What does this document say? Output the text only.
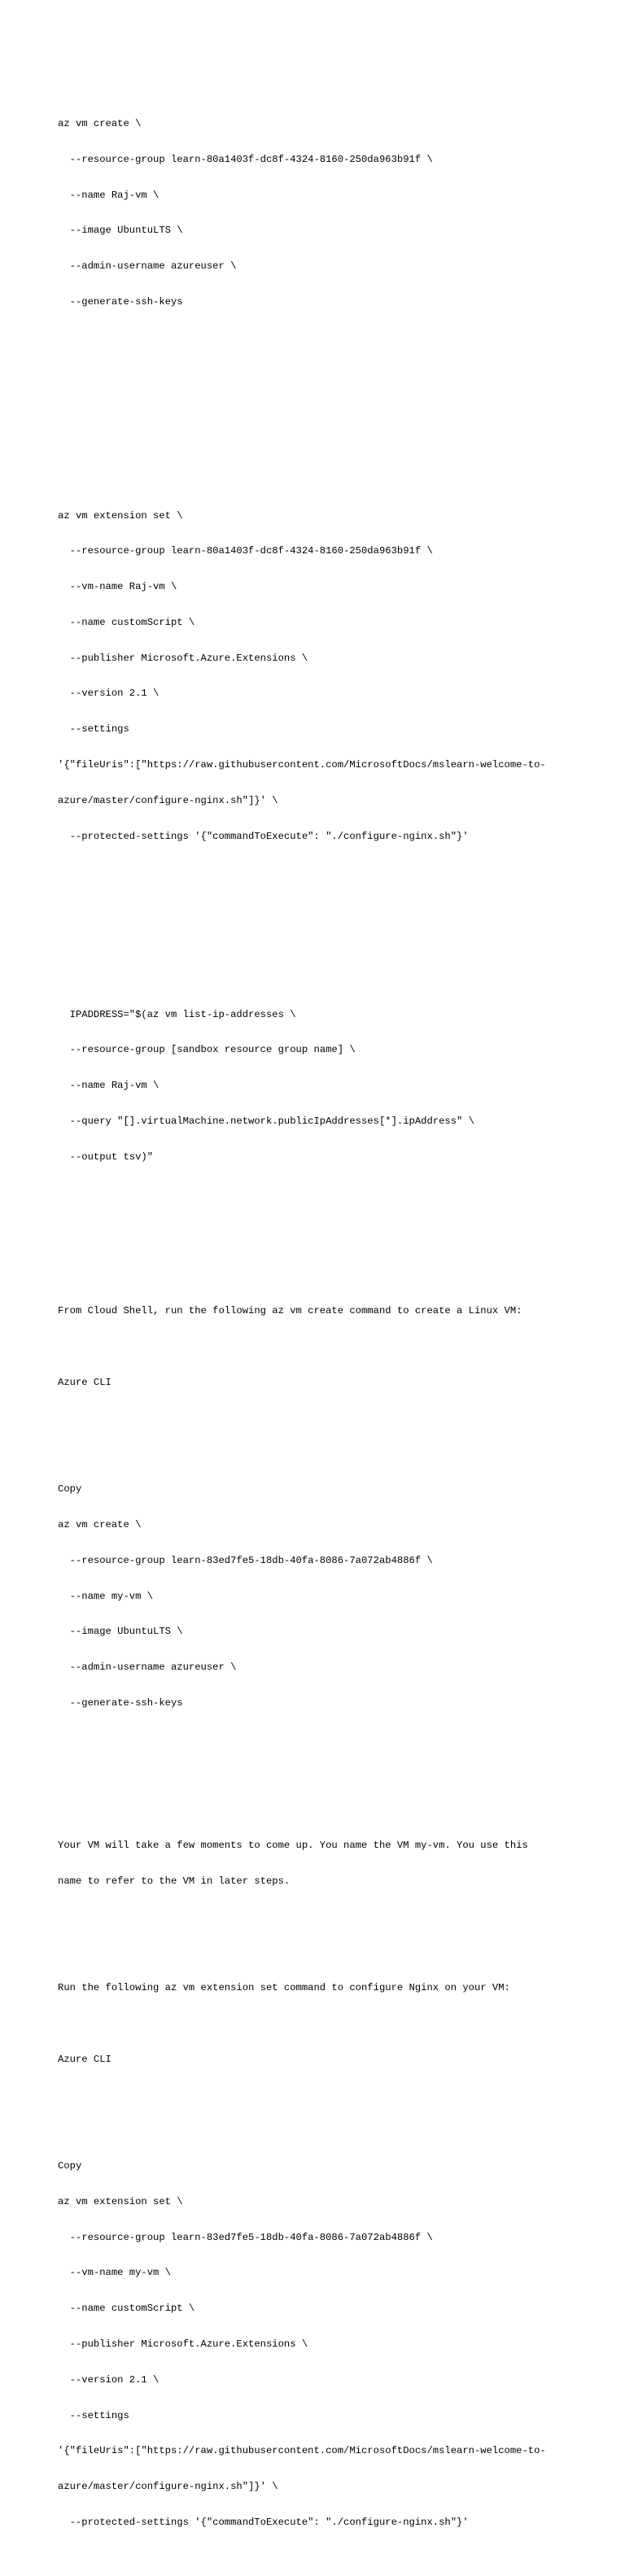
az vm create \

--resource-group learn-80a1403f-dc8f-4324-8160-250da963b91f \

--name Raj-vm \

--image UbuntuLTS \

--admin-username azureuser \

--generate-ssh-keys

az vm extension set \

--resource-group learn-80a1403f-dc8f-4324-8160-250da963b91f \

--vm-name Raj-vm \

--name customScript \

--publisher Microsoft.Azure.Extensions \

--version 2.1 \

--settings

'{"fileUris":["https://raw.githubusercontent.com/MicrosoftDocs/mslearn-welcome-to-

azure/master/configure-nginx.sh"]}' \

--protected-settings '{"commandToExecute": "./configure-nginx.sh"}'

IPADDRESS="$(az vm list-ip-addresses \

--resource-group [sandbox resource group name] \

--name Raj-vm \

--query "[].virtualMachine.network.publicIpAddresses[*].ipAddress" \

--output tsv)"

From Cloud Shell, run the following az vm create command to create a Linux VM:

Azure CLI

Copy

az vm create \

--resource-group learn-83ed7fe5-18db-40fa-8086-7a072ab4886f \

--name my-vm \

--image UbuntuLTS \

--admin-username azureuser \

--generate-ssh-keys

Your VM will take a few moments to come up. You name the VM my-vm. You use this

name to refer to the VM in later steps.

Run the following az vm extension set command to configure Nginx on your VM:

Azure CLI

Copy

az vm extension set \

--resource-group learn-83ed7fe5-18db-40fa-8086-7a072ab4886f \

--vm-name my-vm \

--name customScript \

--publisher Microsoft.Azure.Extensions \

--version 2.1 \

--settings

'{"fileUris":["https://raw.githubusercontent.com/MicrosoftDocs/mslearn-welcome-to-

azure/master/configure-nginx.sh"]}' \

--protected-settings '{"commandToExecute": "./configure-nginx.sh"}'
